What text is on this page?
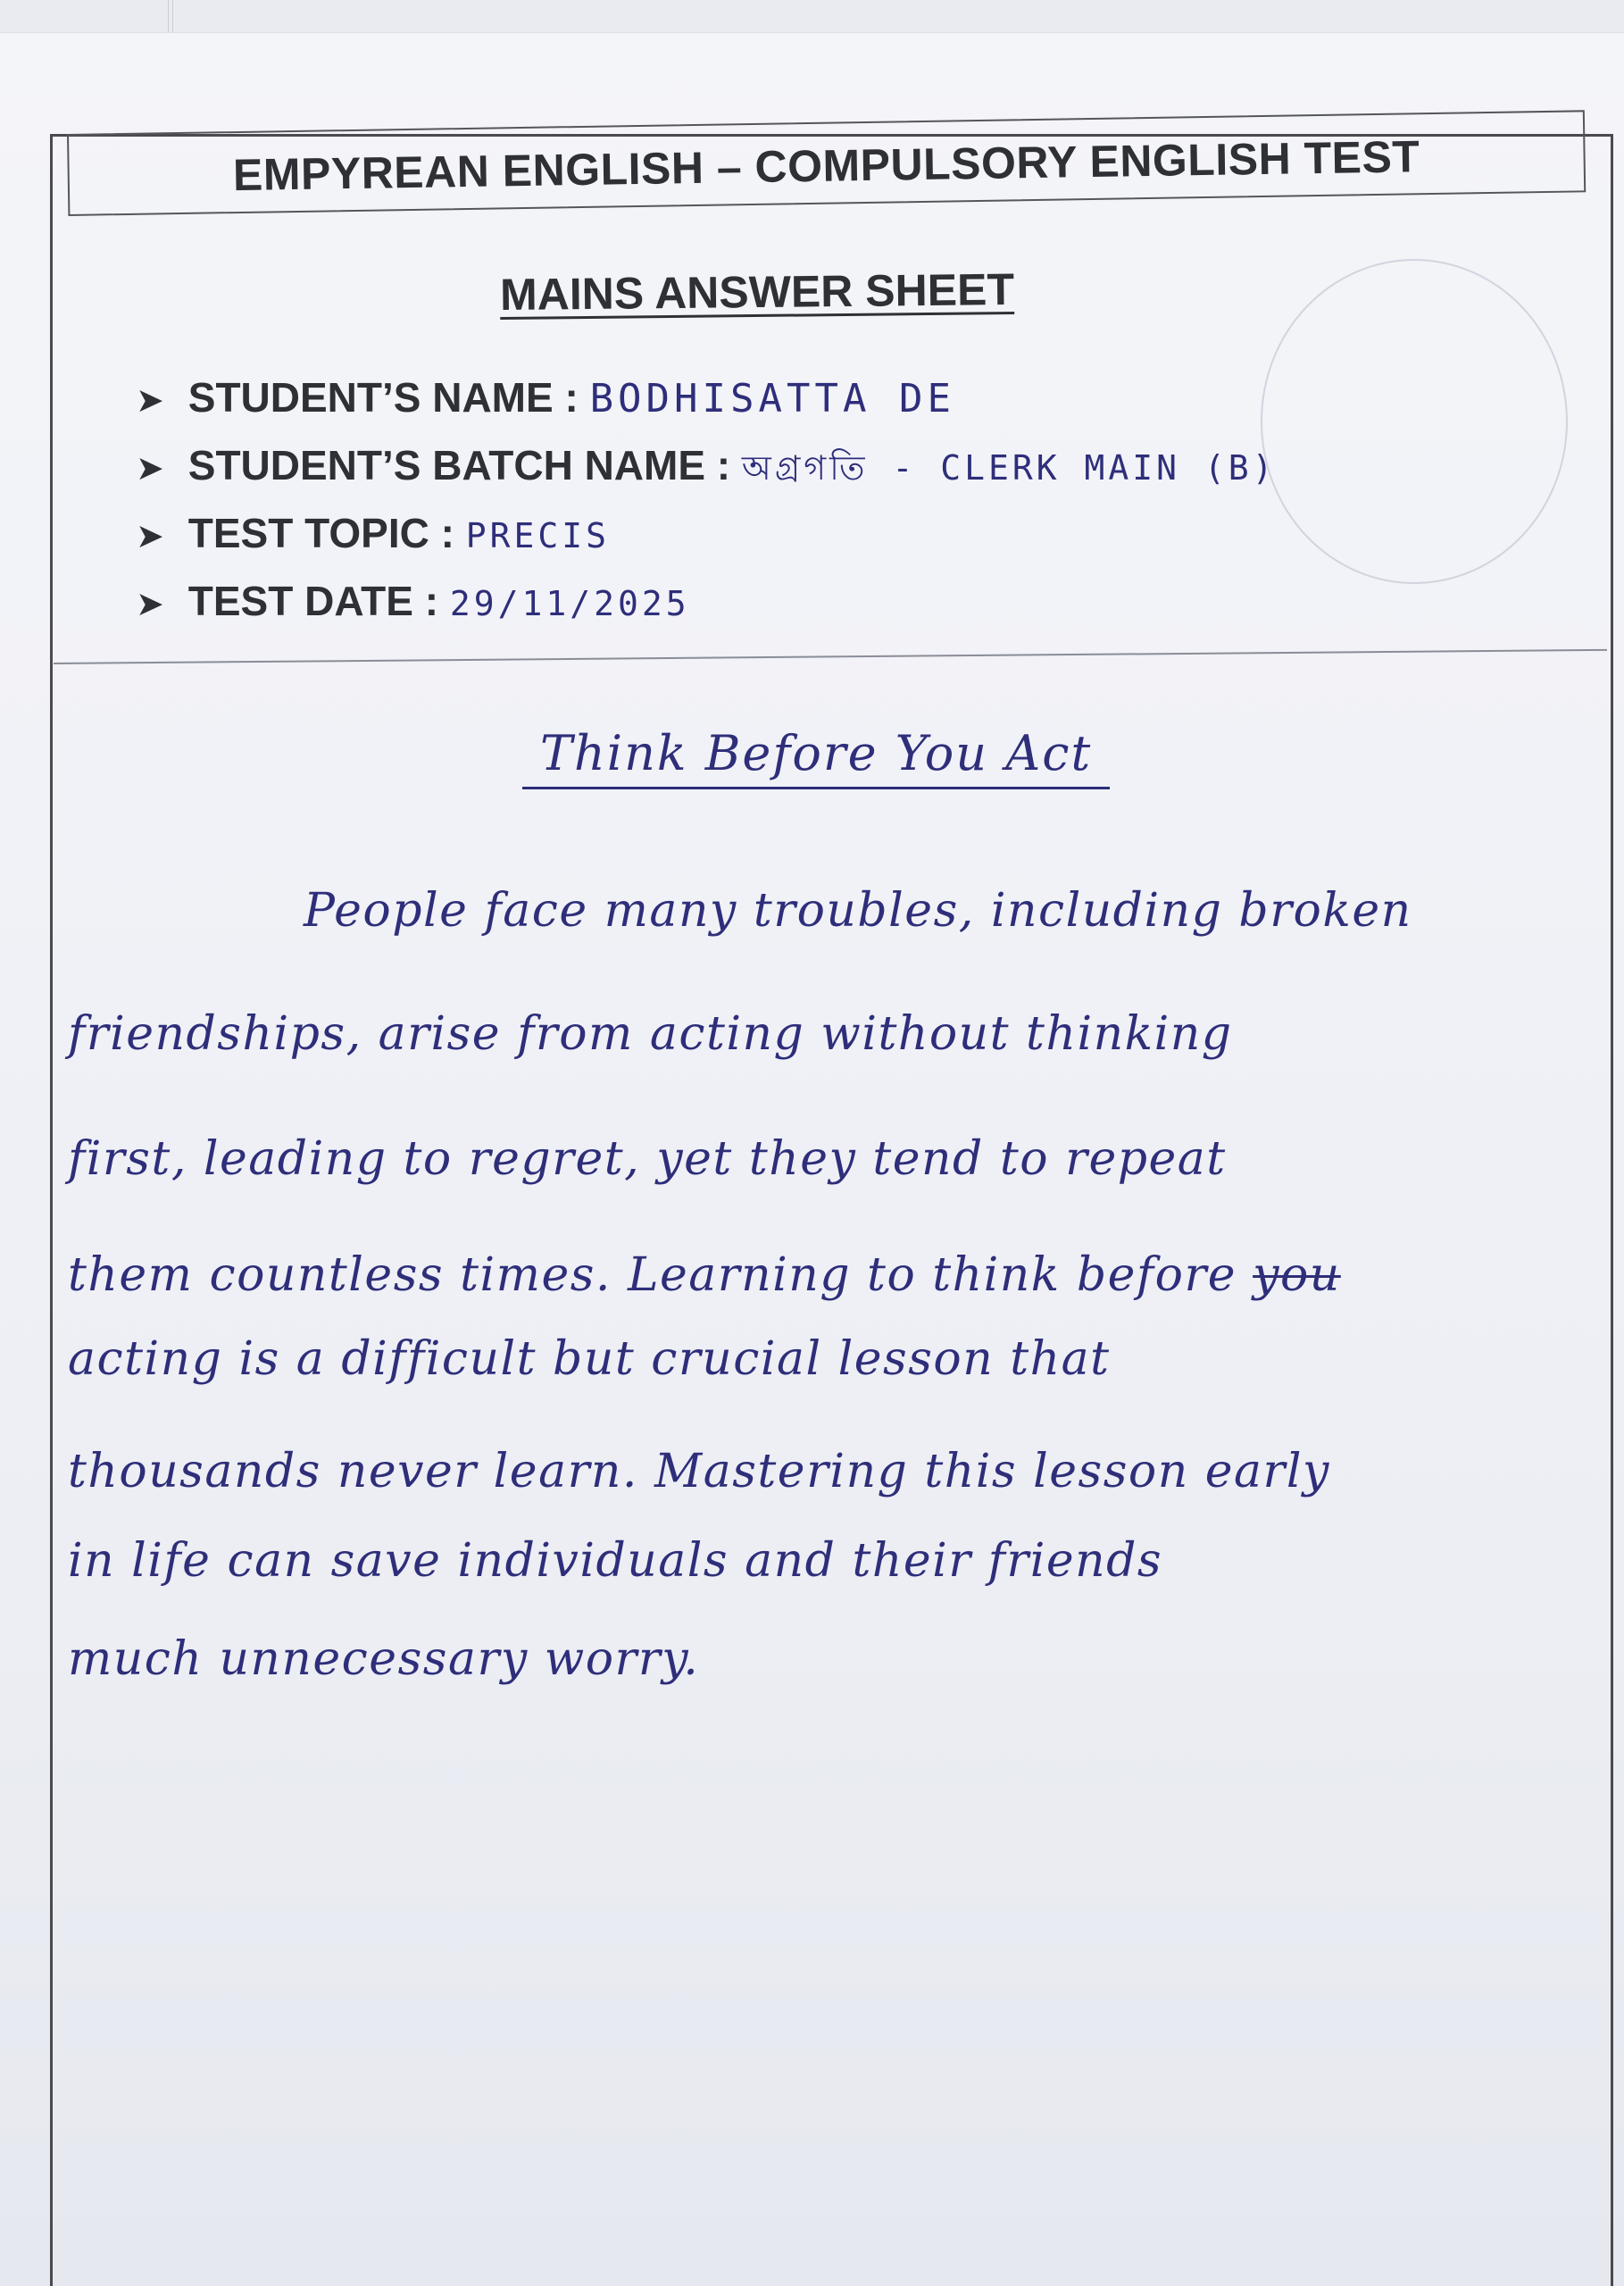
EMPYREAN ENGLISH – COMPULSORY ENGLISH TEST
MAINS ANSWER SHEET
➤ STUDENT’S NAME : BODHISATTA DE
➤ STUDENT’S BATCH NAME : অগ্রগতি - CLERK MAIN (B)
➤ TEST TOPIC : PRECIS
➤ TEST DATE : 29/11/2025
Think Before You Act
People face many troubles, including broken
friendships, arise from acting without thinking
first, leading to regret, yet they tend to repeat
them countless times. Learning to think before you
acting is a difficult but crucial lesson that
thousands never learn. Mastering this lesson early
in life can save individuals and their friends
much unnecessary worry.
